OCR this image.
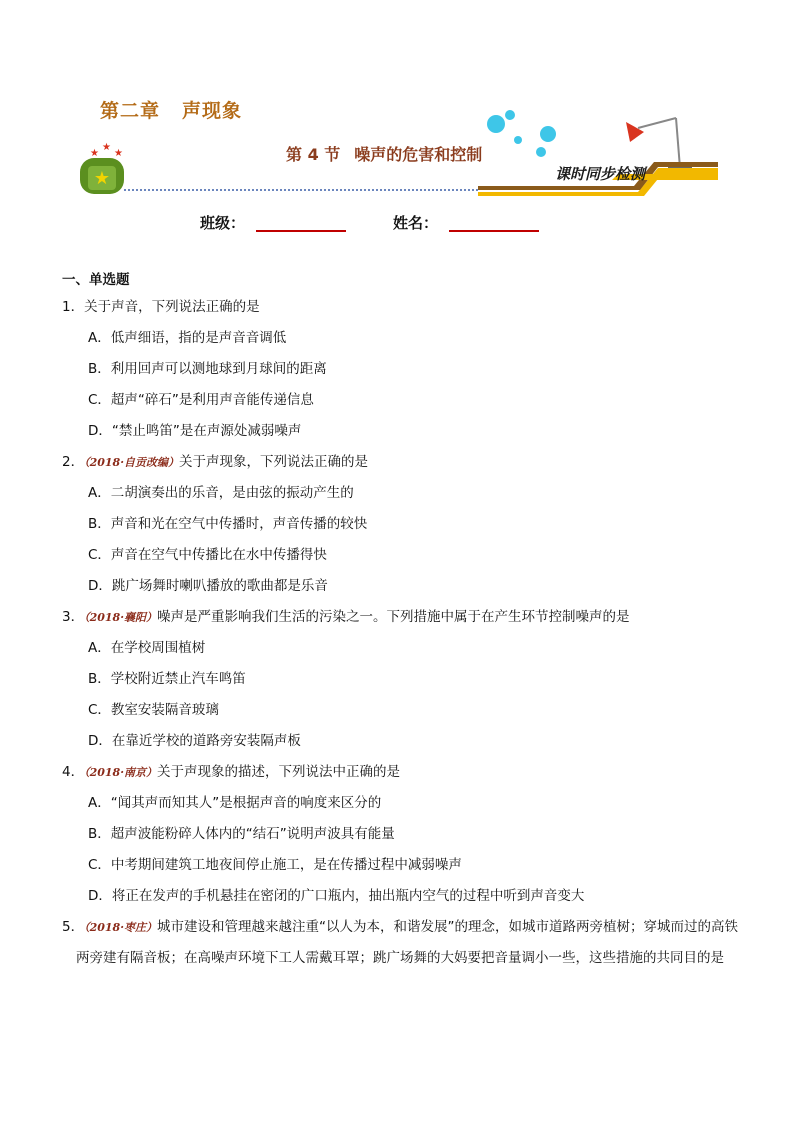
第二章 声现象
★
★
★
★	第 4 节 噪声的危害和控制
课时同步检测
班级：	姓名：
一、单选题
1．关于声音，下列说法正确的是
A．低声细语，指的是声音音调低
B．利用回声可以测地球到月球间的距离
C．超声“碎石”是利用声音能传递信息
D．“禁止鸣笛”是在声源处减弱噪声
2．（2018·自贡改编）关于声现象，下列说法正确的是
A．二胡演奏出的乐音，是由弦的振动产生的
B．声音和光在空气中传播时，声音传播的较快
C．声音在空气中传播比在水中传播得快
D．跳广场舞时喇叭播放的歌曲都是乐音
3．（2018·襄阳）噪声是严重影响我们生活的污染之一。下列措施中属于在产生环节控制噪声的是
A．在学校周围植树
B．学校附近禁止汽车鸣笛
C．教室安装隔音玻璃
D．在靠近学校的道路旁安装隔声板
4．（2018·南京）关于声现象的描述，下列说法中正确的是
A．“闻其声而知其人”是根据声音的响度来区分的
B．超声波能粉碎人体内的“结石”说明声波具有能量
C．中考期间建筑工地夜间停止施工，是在传播过程中减弱噪声
D．将正在发声的手机悬挂在密闭的广口瓶内，抽出瓶内空气的过程中听到声音变大
5．（2018·枣庄）城市建设和管理越来越注重“以人为本，和谐发展”的理念，如城市道路两旁植树；穿城而过的高铁两旁建有隔音板；在高噪声环境下工人需戴耳罩；跳广场舞的大妈要把音量调小一些，这些措施的共同目的是
